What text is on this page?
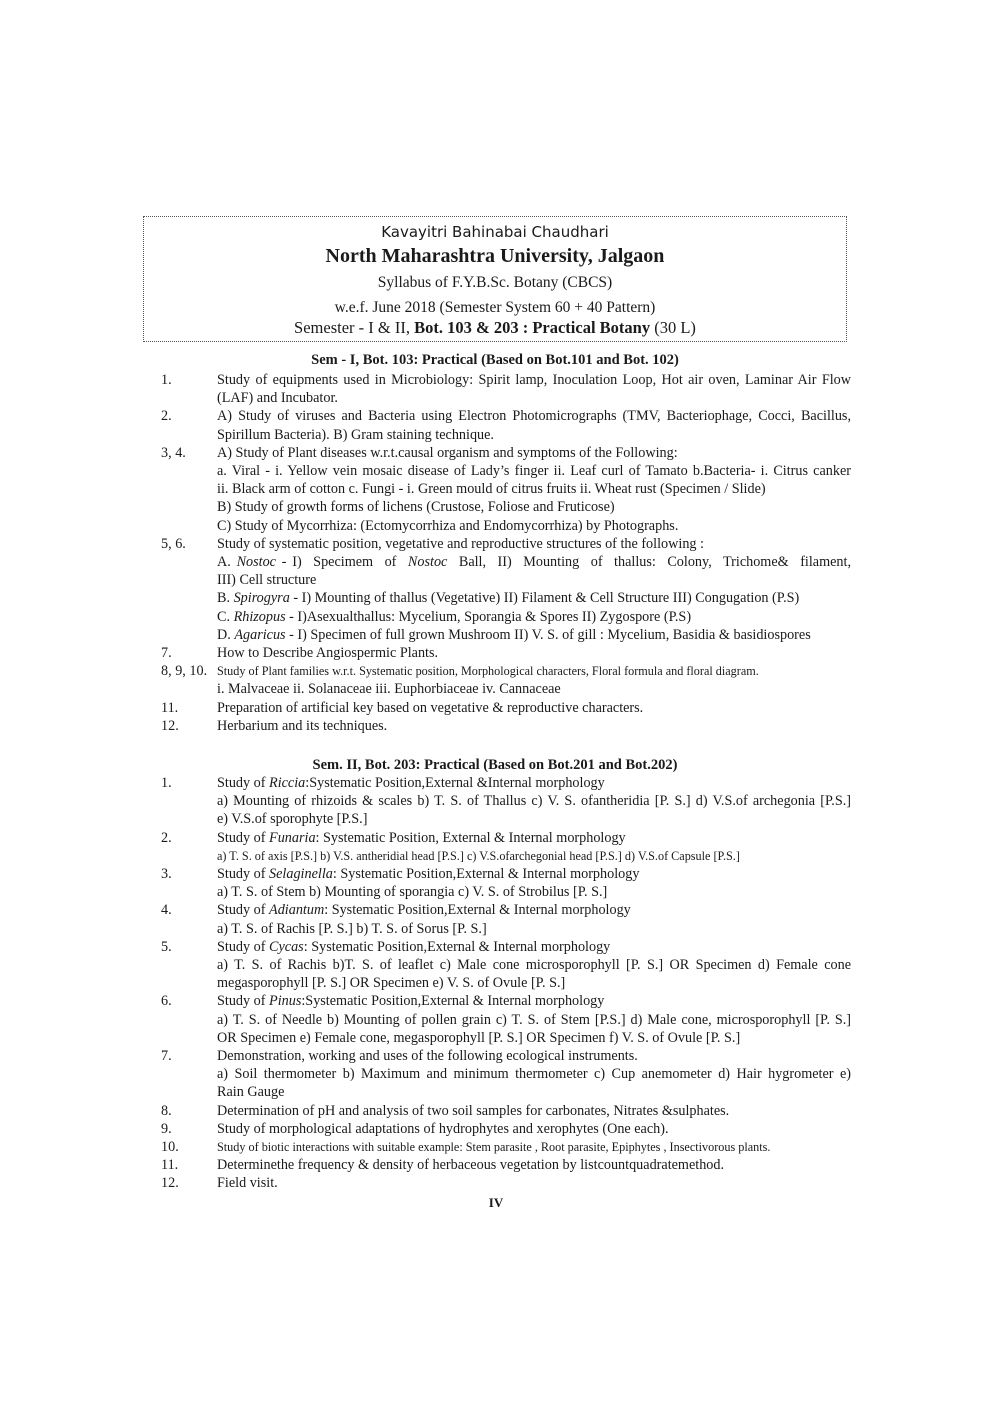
Kavayitri Bahinabai Chaudhari
North Maharashtra University, Jalgaon
Syllabus of F.Y.B.Sc. Botany (CBCS)
w.e.f. June 2018 (Semester System 60 + 40 Pattern)
Semester - I & II, Bot. 103 & 203 : Practical Botany (30 L)
Sem - I, Bot. 103: Practical (Based on Bot.101 and Bot. 102)
1.	Study of equipments used in Microbiology: Spirit lamp, Inoculation Loop, Hot air oven, Laminar Air Flow
(LAF) and Incubator.
2.	A) Study of viruses and Bacteria using Electron Photomicrographs (TMV, Bacteriophage, Cocci, Bacillus,
Spirillum Bacteria). B) Gram staining technique.
3, 4. A) Study of Plant diseases w.r.t.causal organism and symptoms of the Following:
a. Viral - i. Yellow vein mosaic disease of Lady’s finger ii. Leaf curl of Tamato b.Bacteria- i. Citrus canker
ii. Black arm of cotton c. Fungi - i. Green mould of citrus fruits ii. Wheat rust (Specimen / Slide)
B) Study of growth forms of lichens (Crustose, Foliose and Fruticose)
C) Study of Mycorrhiza: (Ectomycorrhiza and Endomycorrhiza) by Photographs.
5, 6. Study of systematic position, vegetative and reproductive structures of the following :
A. Nostoc - I)  Specimem  of  Nostoc  Ball,  II)  Mounting  of  thallus:  Colony,  Trichome&  filament,
III) Cell structure
B. Spirogyra - I) Mounting of thallus (Vegetative) II) Filament & Cell Structure III) Congugation (P.S)
C. Rhizopus - I)Asexualthallus: Mycelium, Sporangia & Spores II) Zygospore (P.S)
D. Agaricus - I) Specimen of full grown Mushroom II) V. S. of gill : Mycelium, Basidia & basidiospores
7.	How to Describe Angiospermic Plants.
8, 9, 10. Study of Plant families w.r.t. Systematic position, Morphological characters, Floral formula and floral diagram.
i. Malvaceae ii. Solanaceae iii. Euphorbiaceae iv. Cannaceae
11.	Preparation of artificial key based on vegetative & reproductive characters.
12.	Herbarium and its techniques.
Sem. II, Bot. 203: Practical (Based on Bot.201 and Bot.202)
1.	Study of Riccia:Systematic Position,External &Internal morphology
a) Mounting of rhizoids & scales b) T. S. of Thallus c) V. S. ofantheridia [P. S.] d) V.S.of archegonia [P.S.]
e) V.S.of sporophyte [P.S.]
2.	Study of Funaria: Systematic Position, External & Internal morphology
a) T. S. of axis [P.S.] b) V.S. antheridial head [P.S.] c) V.S.ofarchegonial head [P.S.] d) V.S.of Capsule [P.S.]
3.	Study of Selaginella: Systematic Position,External & Internal morphology
a) T. S. of Stem b) Mounting of sporangia c) V. S. of Strobilus [P. S.]
4.	Study of Adiantum: Systematic Position,External & Internal morphology
a) T. S. of Rachis [P. S.] b) T. S. of Sorus [P. S.]
5.	Study of Cycas: Systematic Position,External & Internal morphology
a) T. S. of Rachis b)T. S. of leaflet c) Male cone microsporophyll [P. S.] OR Specimen d) Female cone
megasporophyll [P. S.] OR Specimen e) V. S. of Ovule [P. S.]
6.	Study of Pinus:Systematic Position,External & Internal morphology
a) T. S. of Needle b) Mounting of pollen grain c) T. S. of Stem [P.S.] d) Male cone, microsporophyll [P. S.]
OR Specimen e) Female cone, megasporophyll [P. S.] OR Specimen f) V. S. of Ovule [P. S.]
7.	Demonstration, working and uses of the following ecological instruments.
a) Soil thermometer b) Maximum and minimum thermometer c) Cup anemometer d) Hair hygrometer e)
Rain Gauge
8.	Determination of pH and analysis of two soil samples for carbonates, Nitrates &sulphates.
9.	Study of morphological adaptations of hydrophytes and xerophytes (One each).
10.	Study of biotic interactions with suitable example: Stem parasite , Root parasite, Epiphytes , Insectivorous plants.
11.	Determinethe frequency & density of herbaceous vegetation by listcountquadratemethod.
12.	Field visit.
IV
